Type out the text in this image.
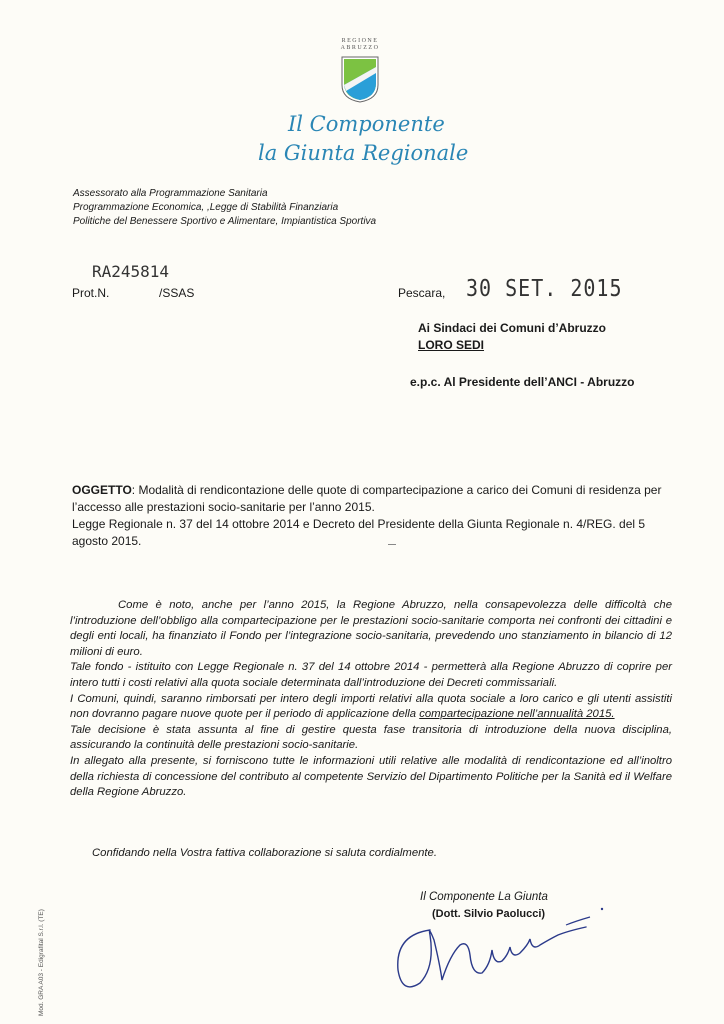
REGIONE
ABRUZZO
Il Componente
la Giunta Regionale
Assessorato alla Programmazione Sanitaria
Programmazione Economica, ,Legge di Stabilità Finanziaria
Politiche del Benessere Sportivo e Alimentare, Impiantistica Sportiva
RA245814
Prot.N.	/SSAS	Pescara, 30 SET. 2015
Ai Sindaci dei Comuni d’Abruzzo
LORO SEDI
e.p.c. Al Presidente dell’ANCI - Abruzzo
OGGETTO: Modalità di rendicontazione delle quote di compartecipazione a carico dei Comuni di residenza per l’accesso alle prestazioni socio-sanitarie per l’anno 2015.
Legge Regionale n. 37 del 14 ottobre 2014 e Decreto del Presidente della Giunta Regionale n. 4/REG. del 5 agosto 2015.

Come è noto, anche per l’anno 2015, la Regione Abruzzo, nella consapevolezza delle difficoltà che l’introduzione dell’obbligo alla compartecipazione per le prestazioni socio-sanitarie comporta nei confronti dei cittadini e degli enti locali, ha finanziato il Fondo per l’integrazione socio-sanitaria, prevedendo uno stanziamento in bilancio di 12 milioni di euro.

Tale fondo - istituito con Legge Regionale n. 37 del 14 ottobre 2014 - permetterà alla Regione Abruzzo di coprire per intero tutti i costi relativi alla quota sociale determinata dall’introduzione dei Decreti commissariali.

I Comuni, quindi, saranno rimborsati per intero degli importi relativi alla quota sociale a loro carico e gli utenti assistiti non dovranno pagare nuove quote per il periodo di applicazione della compartecipazione nell’annualità 2015.

Tale decisione è stata assunta al fine di gestire questa fase transitoria di introduzione della nuova disciplina, assicurando la continuità delle prestazioni socio-sanitarie.

In allegato alla presente, si forniscono tutte le informazioni utili relative alle modalità di rendicontazione ed all’inoltro della richiesta di concessione del contributo al competente Servizio del Dipartimento Politiche per la Sanità ed il Welfare della Regione Abruzzo.

Confidando nella Vostra fattiva collaborazione si saluta cordialmente.
Il Componente La Giunta
(Dott. Silvio Paolucci)
Mod. GRA A03 - Edigrafital S.r.l. (TE)
